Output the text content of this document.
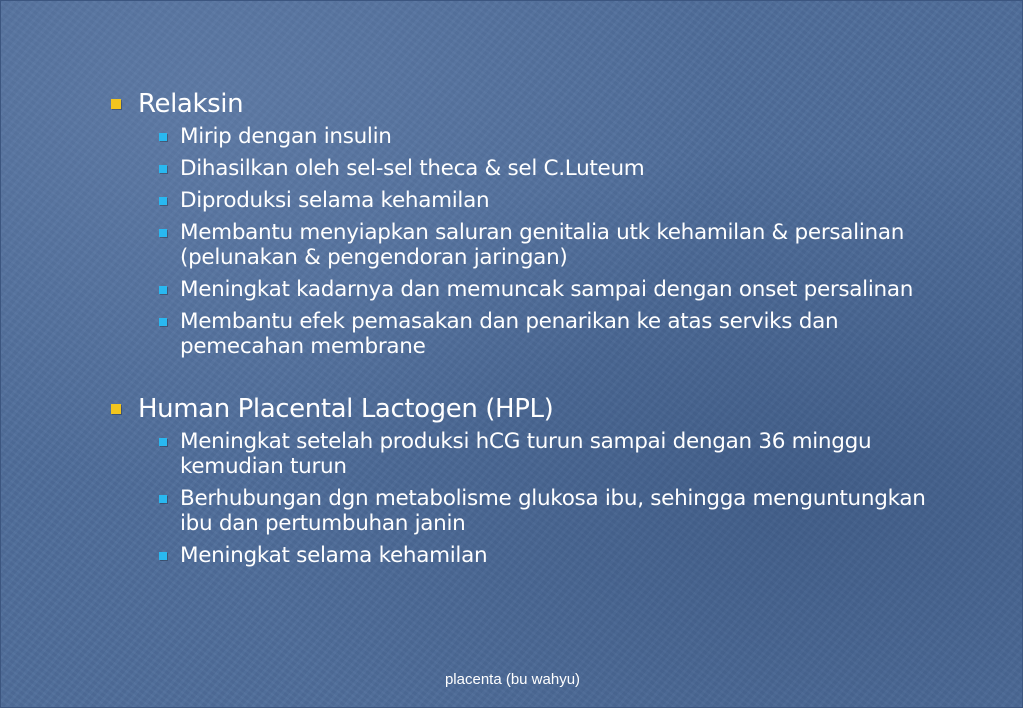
Relaksin
Mirip dengan insulin
Dihasilkan oleh sel-sel theca & sel C.Luteum
Diproduksi selama kehamilan
Membantu menyiapkan saluran genitalia utk kehamilan & persalinan (pelunakan & pengendoran jaringan)
Meningkat kadarnya dan memuncak sampai dengan onset persalinan
Membantu efek pemasakan dan penarikan ke atas serviks dan pemecahan membrane
Human Placental Lactogen (HPL)
Meningkat setelah produksi hCG turun sampai dengan 36 minggu kemudian turun
Berhubungan dgn metabolisme glukosa ibu, sehingga menguntungkan ibu dan pertumbuhan janin
Meningkat selama kehamilan
placenta (bu wahyu)
